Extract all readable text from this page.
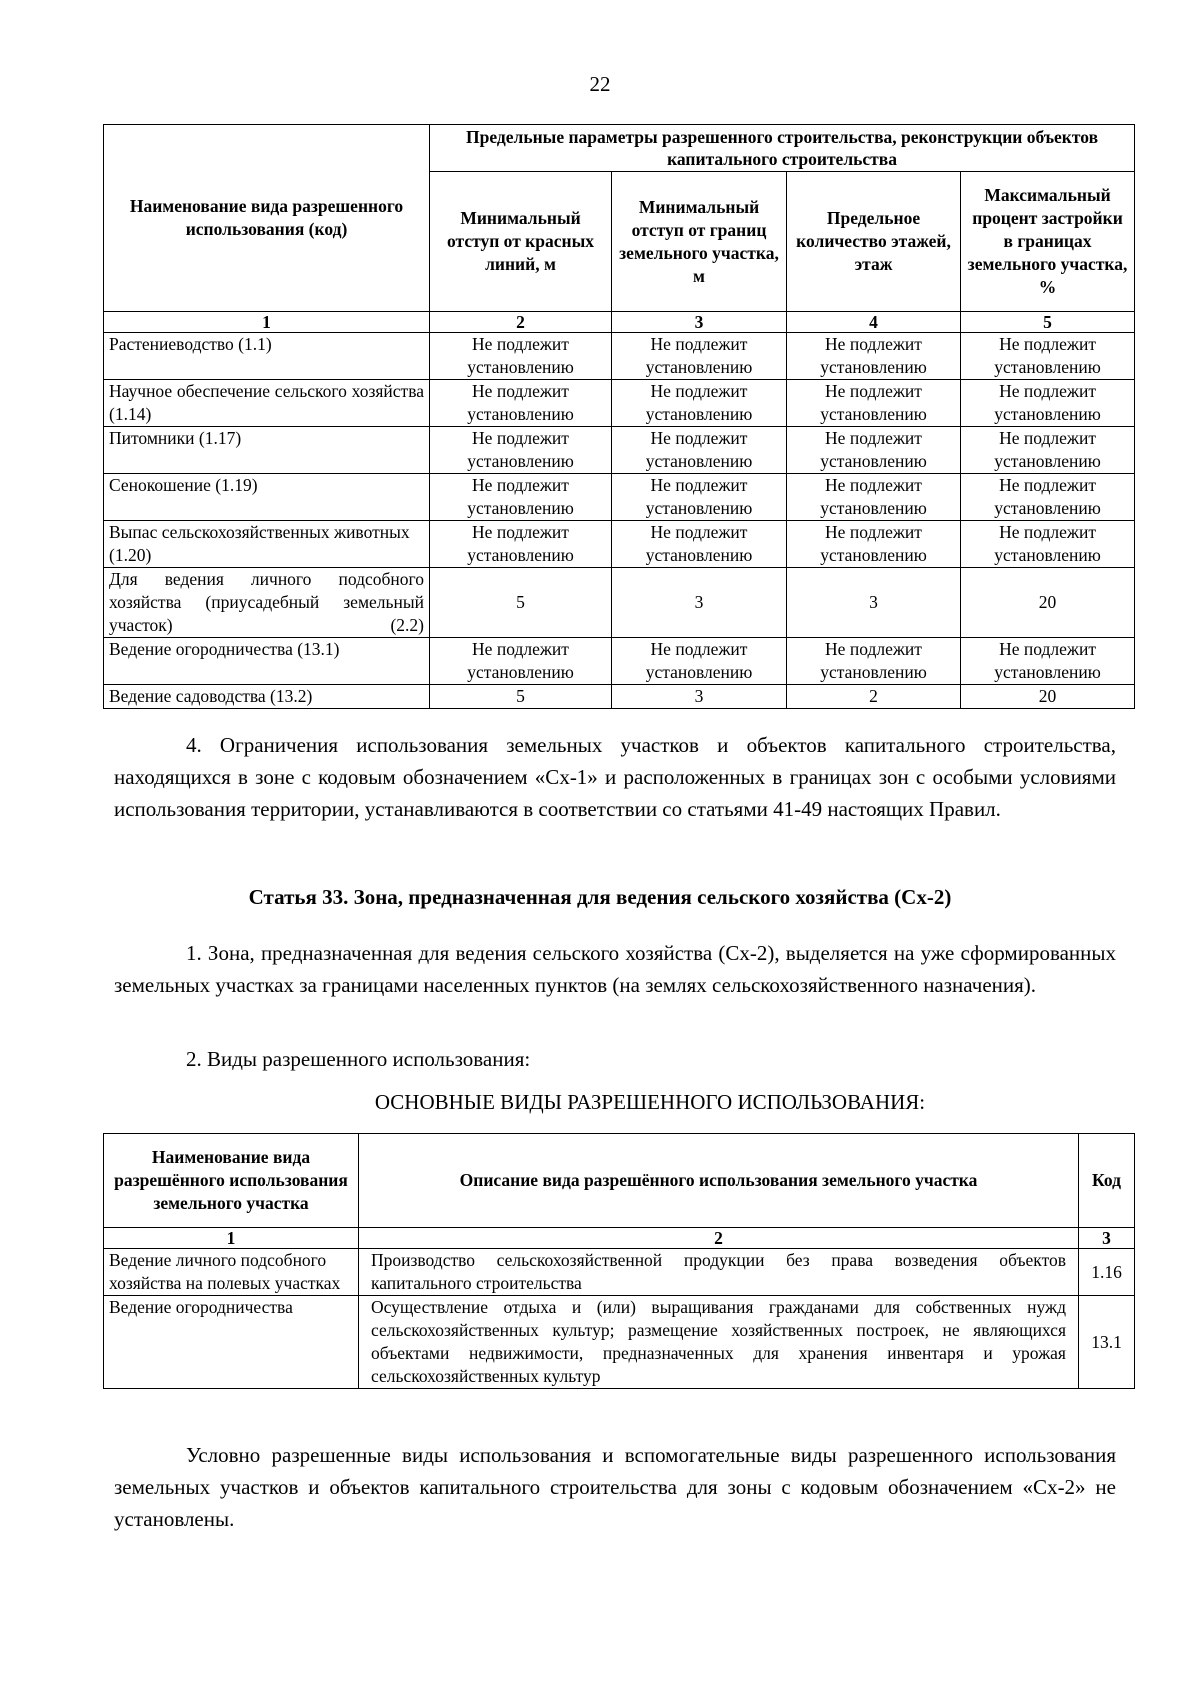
22
Наименование вида разрешенного использования (код)	Предельные параметры разрешенного строительства, реконструкции объектов капитального строительства			
	Минимальный отступ от красных линий, м	Минимальный отступ от границ земельного участка, м	Предельное количество этажей, этаж	Максимальный процент застройки в границах земельного участка, %
1	2	3	4	5
Растениеводство (1.1)	Не подлежит установлению	Не подлежит установлению	Не подлежит установлению	Не подлежит установлению
Научное обеспечение сельского хозяйства (1.14)	Не подлежит установлению	Не подлежит установлению	Не подлежит установлению	Не подлежит установлению
Питомники (1.17)	Не подлежит установлению	Не подлежит установлению	Не подлежит установлению	Не подлежит установлению
Сенокошение (1.19)	Не подлежит установлению	Не подлежит установлению	Не подлежит установлению	Не подлежит установлению
Выпас сельскохозяйственных животных (1.20)	Не подлежит установлению	Не подлежит установлению	Не подлежит установлению	Не подлежит установлению
Для ведения личного подсобного хозяйства (приусадебный земельный участок) (2.2)	5	3	3	20
Ведение огородничества (13.1)	Не подлежит установлению	Не подлежит установлению	Не подлежит установлению	Не подлежит установлению
Ведение садоводства (13.2)	5	3	2	20
4. Ограничения использования земельных участков и объектов капитального строительства, находящихся в зоне с кодовым обозначением «Сх-1» и расположенных в границах зон с особыми условиями использования территории, устанавливаются в соответствии со статьями 41-49 настоящих Правил.
Статья 33. Зона, предназначенная для ведения сельского хозяйства (Сх-2)
1. Зона, предназначенная для ведения сельского хозяйства (Сх-2), выделяется на уже сформированных земельных участках за границами населенных пунктов (на землях сельскохозяйственного назначения).
2. Виды разрешенного использования:
ОСНОВНЫЕ ВИДЫ РАЗРЕШЕННОГО ИСПОЛЬЗОВАНИЯ:
Наименование вида разрешённого использования земельного участка	Описание вида разрешённого использования земельного участка	Код
1	2	3
Ведение личного подсобного хозяйства на полевых участках	Производство сельскохозяйственной продукции без права возведения объектов капитального строительства	1.16
Ведение огородничества	Осуществление отдыха и (или) выращивания гражданами для собственных нужд сельскохозяйственных культур; размещение хозяйственных построек, не являющихся объектами недвижимости, предназначенных для хранения инвентаря и урожая сельскохозяйственных культур	13.1
Условно разрешенные виды использования и вспомогательные виды разрешенного использования земельных участков и объектов капитального строительства для зоны с кодовым обозначением «Сх-2» не установлены.
